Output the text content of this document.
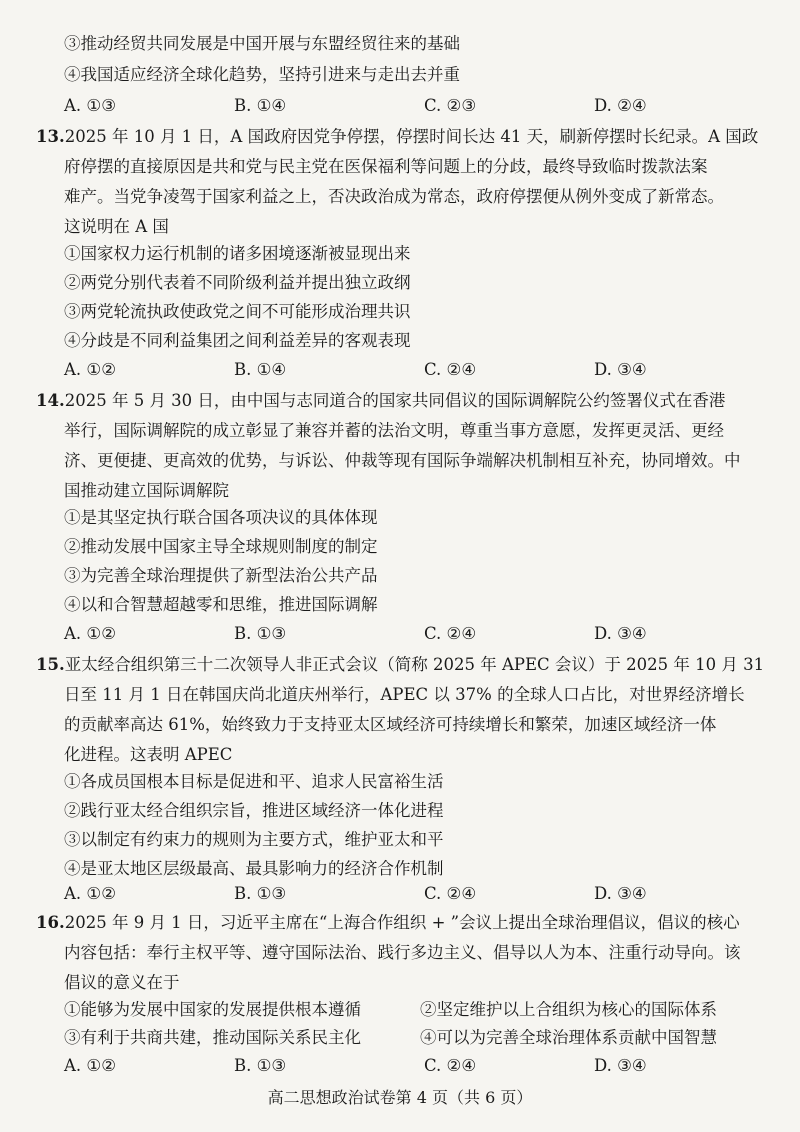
③推动经贸共同发展是中国开展与东盟经贸往来的基础
④我国适应经济全球化趋势，坚持引进来与走出去并重
A. ①③	B. ①④	C. ②③	D. ②④
13.2025 年 10 月 1 日，A 国政府因党争停摆，停摆时间长达 41 天，刷新停摆时长纪录。A 国政
府停摆的直接原因是共和党与民主党在医保福利等问题上的分歧，最终导致临时拨款法案
难产。当党争凌驾于国家利益之上，否决政治成为常态，政府停摆便从例外变成了新常态。
这说明在 A 国
①国家权力运行机制的诸多困境逐渐被显现出来
②两党分别代表着不同阶级利益并提出独立政纲
③两党轮流执政使政党之间不可能形成治理共识
④分歧是不同利益集团之间利益差异的客观表现
A. ①②	B. ①④	C. ②④	D. ③④
14.2025 年 5 月 30 日，由中国与志同道合的国家共同倡议的国际调解院公约签署仪式在香港
举行，国际调解院的成立彰显了兼容并蓄的法治文明，尊重当事方意愿，发挥更灵活、更经
济、更便捷、更高效的优势，与诉讼、仲裁等现有国际争端解决机制相互补充，协同增效。中
国推动建立国际调解院
①是其坚定执行联合国各项决议的具体体现
②推动发展中国家主导全球规则制度的制定
③为完善全球治理提供了新型法治公共产品
④以和合智慧超越零和思维，推进国际调解
A. ①②	B. ①③	C. ②④	D. ③④
15.亚太经合组织第三十二次领导人非正式会议（简称 2025 年 APEC 会议）于 2025 年 10 月 31
日至 11 月 1 日在韩国庆尚北道庆州举行，APEC 以 37% 的全球人口占比，对世界经济增长
的贡献率高达 61%，始终致力于支持亚太区域经济可持续增长和繁荣，加速区域经济一体
化进程。这表明 APEC
①各成员国根本目标是促进和平、追求人民富裕生活
②践行亚太经合组织宗旨，推进区域经济一体化进程
③以制定有约束力的规则为主要方式，维护亚太和平
④是亚太地区层级最高、最具影响力的经济合作机制
A. ①②	B. ①③	C. ②④	D. ③④
16.2025 年 9 月 1 日，习近平主席在“上海合作组织 + ”会议上提出全球治理倡议，倡议的核心
内容包括：奉行主权平等、遵守国际法治、践行多边主义、倡导以人为本、注重行动导向。该
倡议的意义在于
①能够为发展中国家的发展提供根本遵循	②坚定维护以上合组织为核心的国际体系
③有利于共商共建，推动国际关系民主化	④可以为完善全球治理体系贡献中国智慧
A. ①②	B. ①③	C. ②④	D. ③④
高二思想政治试卷第 4 页（共 6 页）
